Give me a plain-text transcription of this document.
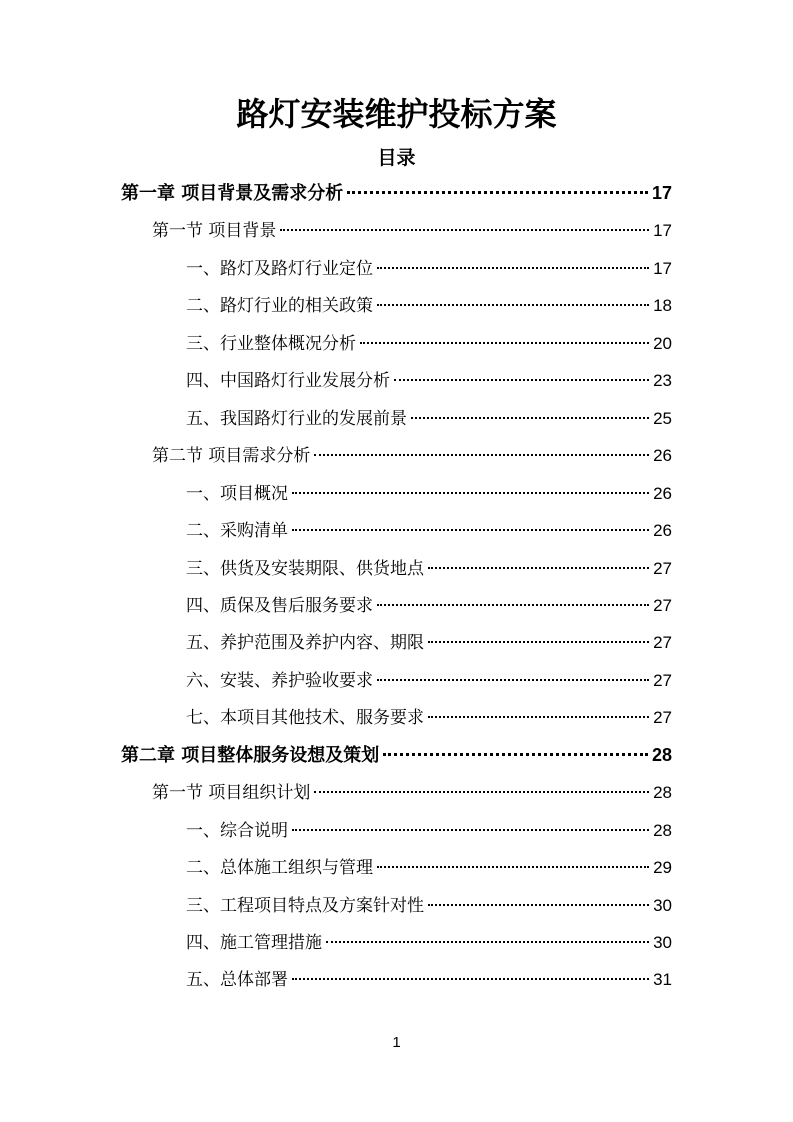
路灯安装维护投标方案
目录
第一章 项目背景及需求分析	17
第一节 项目背景	17
一、路灯及路灯行业定位	17
二、路灯行业的相关政策	18
三、行业整体概况分析	20
四、中国路灯行业发展分析	23
五、我国路灯行业的发展前景	25
第二节 项目需求分析	26
一、项目概况	26
二、采购清单	26
三、供货及安装期限、供货地点	27
四、质保及售后服务要求	27
五、养护范围及养护内容、期限	27
六、安装、养护验收要求	27
七、本项目其他技术、服务要求	27
第二章 项目整体服务设想及策划	28
第一节 项目组织计划	28
一、综合说明	28
二、总体施工组织与管理	29
三、工程项目特点及方案针对性	30
四、施工管理措施	30
五、总体部署	31
1
